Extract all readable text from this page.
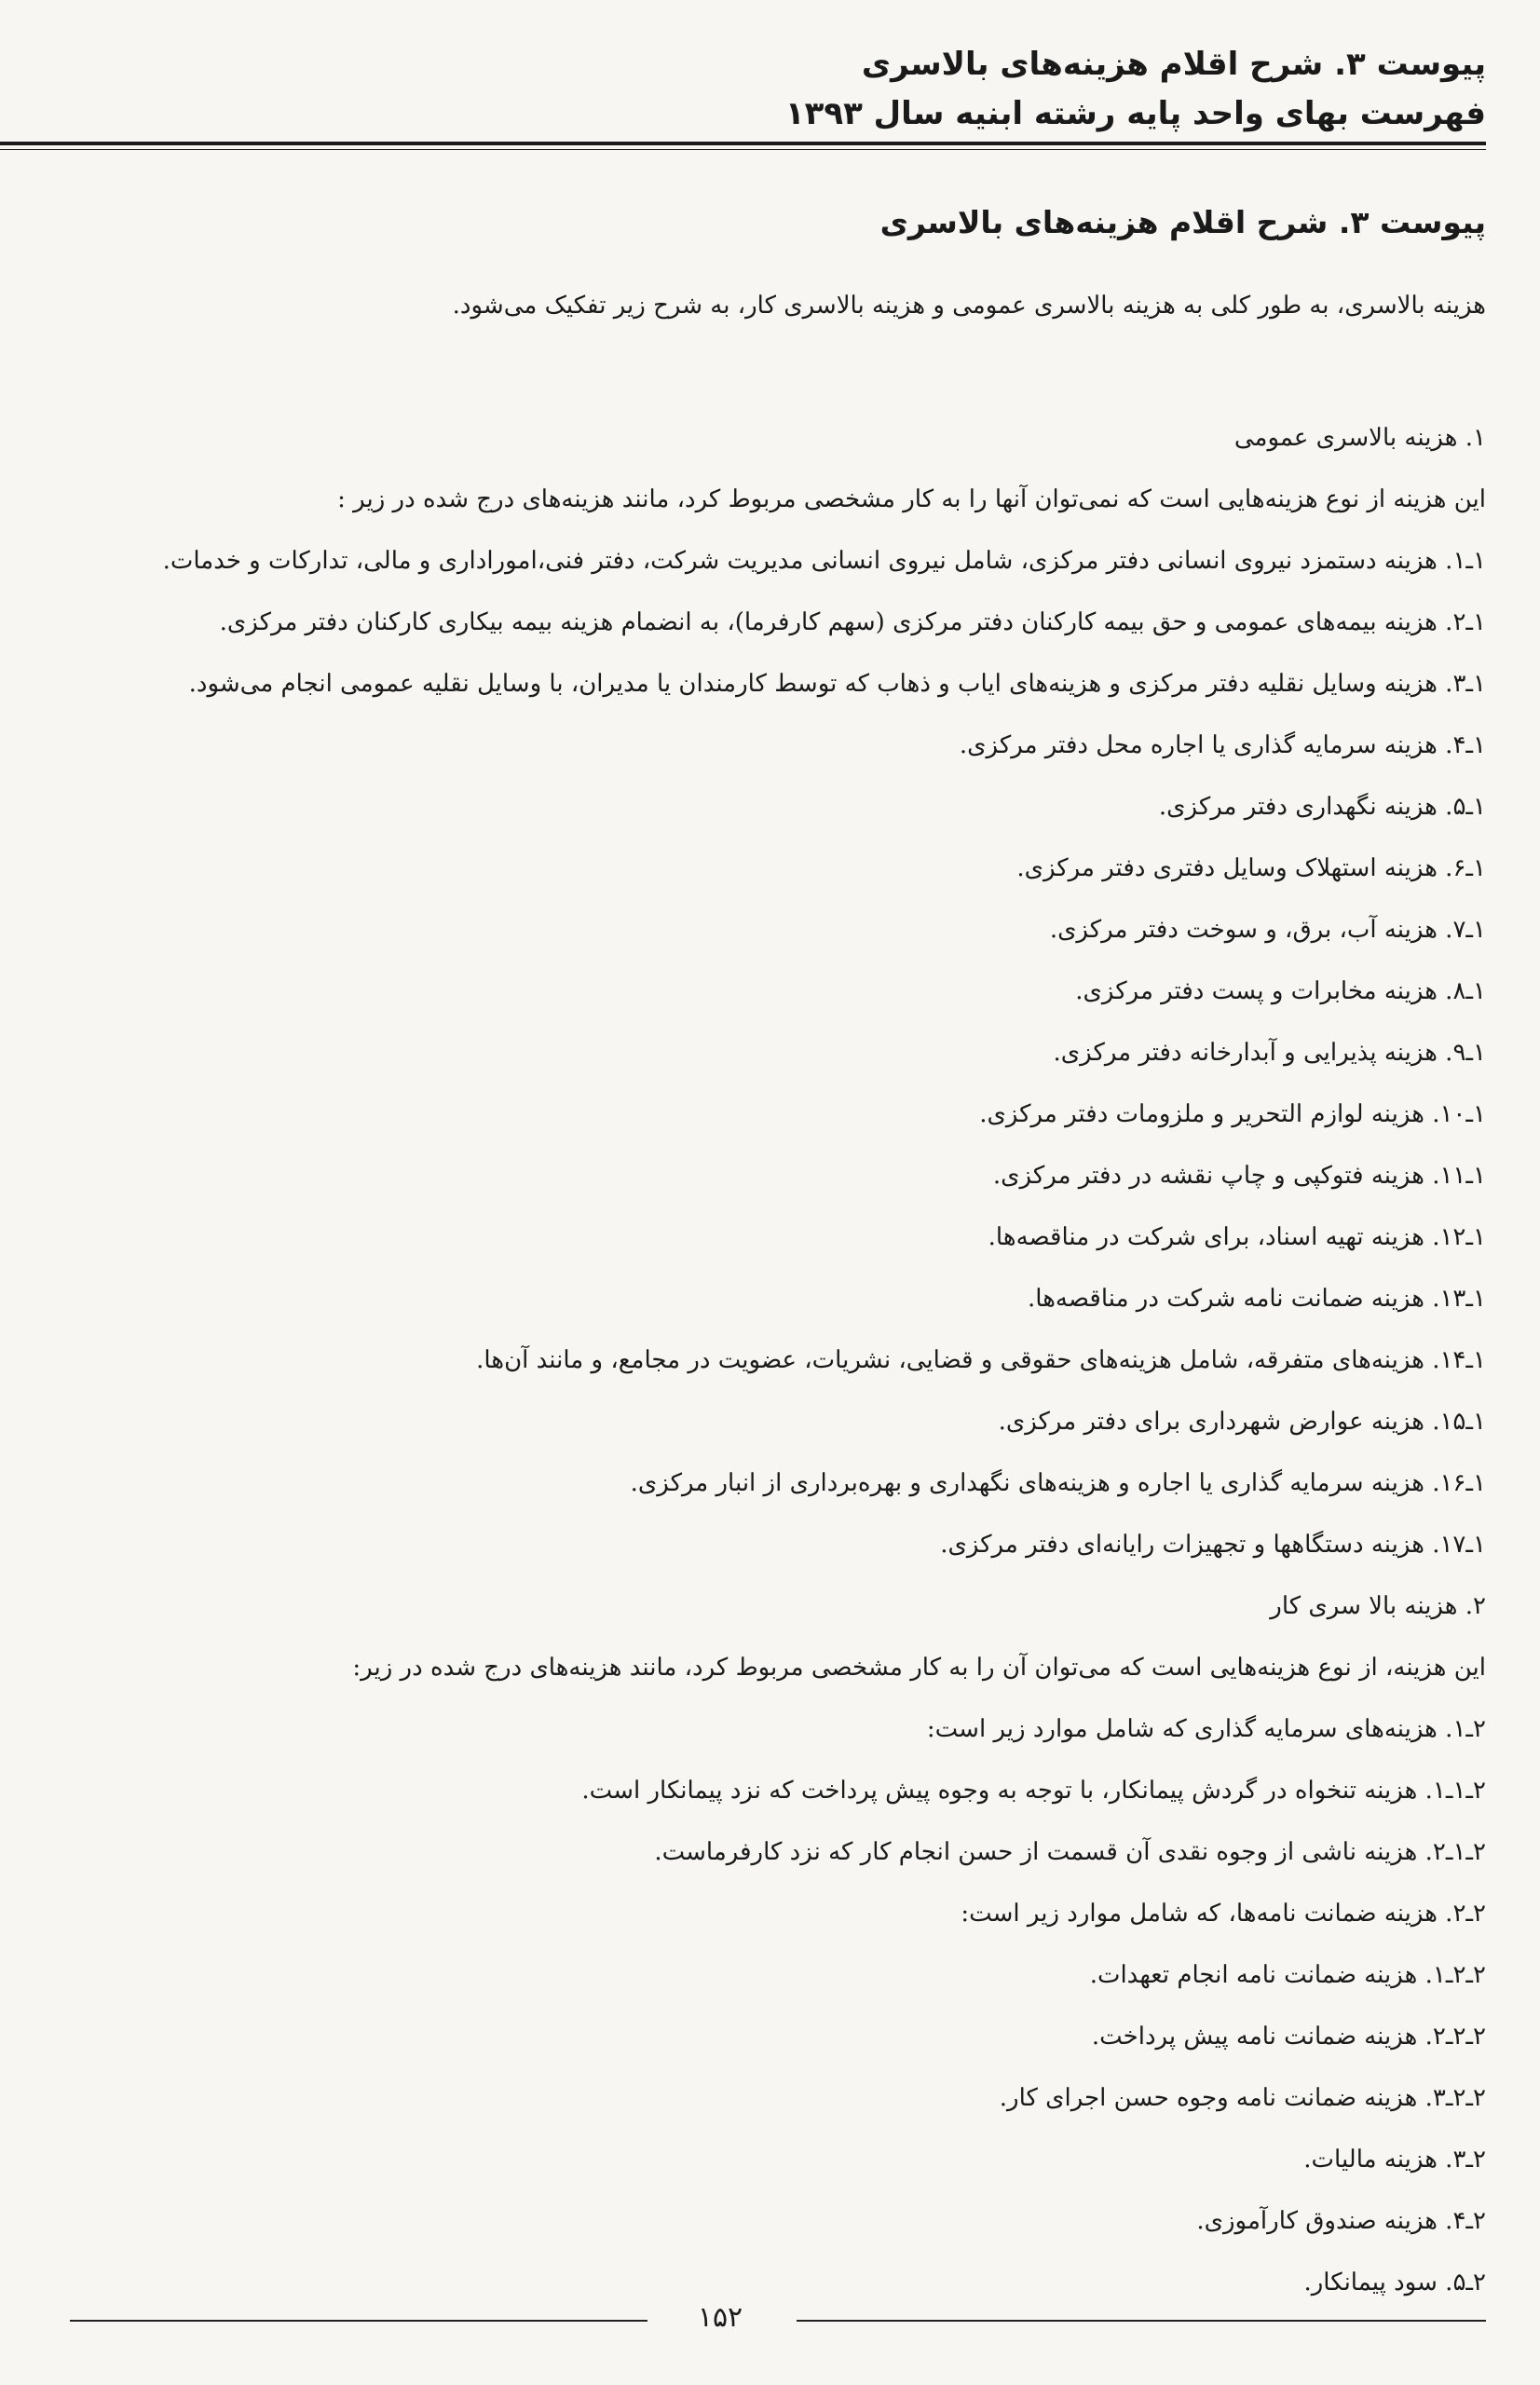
پیوست ۳. شرح اقلام هزینه‌های بالاسری
فهرست بهای واحد پایه رشته ابنیه سال ۱۳۹۳
پیوست ۳. شرح اقلام هزینه‌های بالاسری
هزینه بالاسری، به طور کلی به هزینه بالاسری عمومی و هزینه بالاسری کار، به شرح زیر تفکیک می‌شود.
۱. هزینه بالاسری عمومی
این هزینه از نوع هزینه‌هایی است که نمی‌توان آنها را به کار مشخصی مربوط کرد، مانند هزینه‌های درج شده در زیر :
۱ـ۱. هزینه دستمزد نیروی انسانی دفتر مرکزی، شامل نیروی انسانی مدیریت شرکت، دفتر فنی،اموراداری و مالی، تدارکات و خدمات.
۱ـ۲. هزینه بیمه‌های عمومی و حق بیمه کارکنان دفتر مرکزی (سهم کارفرما)، به انضمام هزینه بیمه بیکاری کارکنان دفتر مرکزی.
۱ـ۳. هزینه وسایل نقلیه دفتر مرکزی و هزینه‌های ایاب و ذهاب که توسط کارمندان یا مدیران، با وسایل نقلیه عمومی انجام می‌شود.
۱ـ۴. هزینه سرمایه گذاری یا اجاره محل دفتر مرکزی.
۱ـ۵. هزینه نگهداری دفتر مرکزی.
۱ـ۶. هزینه استهلاک وسایل دفتری دفتر مرکزی.
۱ـ۷. هزینه آب، برق، و سوخت دفتر مرکزی.
۱ـ۸. هزینه مخابرات و پست دفتر مرکزی.
۱ـ۹. هزینه پذیرایی و آبدارخانه دفتر مرکزی.
۱ـ۱۰. هزینه لوازم التحریر و ملزومات دفتر مرکزی.
۱ـ۱۱. هزینه فتوکپی و چاپ نقشه در دفتر مرکزی.
۱ـ۱۲. هزینه تهیه اسناد، برای شرکت در مناقصه‌ها.
۱ـ۱۳. هزینه ضمانت نامه شرکت در مناقصه‌ها.
۱ـ۱۴. هزینه‌های متفرقه، شامل هزینه‌های حقوقی و قضایی، نشریات، عضویت در مجامع، و مانند آن‌ها.
۱ـ۱۵. هزینه عوارض شهرداری برای دفتر مرکزی.
۱ـ۱۶. هزینه سرمایه گذاری یا اجاره و هزینه‌های نگهداری و بهره‌برداری از انبار مرکزی.
۱ـ۱۷. هزینه دستگاهها و تجهیزات رایانه‌ای دفتر مرکزی.
۲. هزینه بالا سری کار
این هزینه، از نوع هزینه‌هایی است که می‌توان آن را به کار مشخصی مربوط کرد، مانند هزینه‌های درج شده در زیر:
۲ـ۱. هزینه‌های سرمایه گذاری که شامل موارد زیر است:
۲ـ۱ـ۱. هزینه تنخواه در گردش پیمانکار، با توجه به وجوه پیش پرداخت که نزد پیمانکار است.
۲ـ۱ـ۲. هزینه ناشی از وجوه نقدی آن قسمت از حسن انجام کار که نزد کارفرماست.
۲ـ۲. هزینه ضمانت نامه‌ها، که شامل موارد زیر است:
۲ـ۲ـ۱. هزینه ضمانت نامه انجام تعهدات.
۲ـ۲ـ۲. هزینه ضمانت نامه پیش پرداخت.
۲ـ۲ـ۳. هزینه ضمانت نامه وجوه حسن اجرای کار.
۲ـ۳. هزینه مالیات.
۲ـ۴. هزینه صندوق کارآموزی.
۲ـ۵. سود پیمانکار.
۱۵۲
